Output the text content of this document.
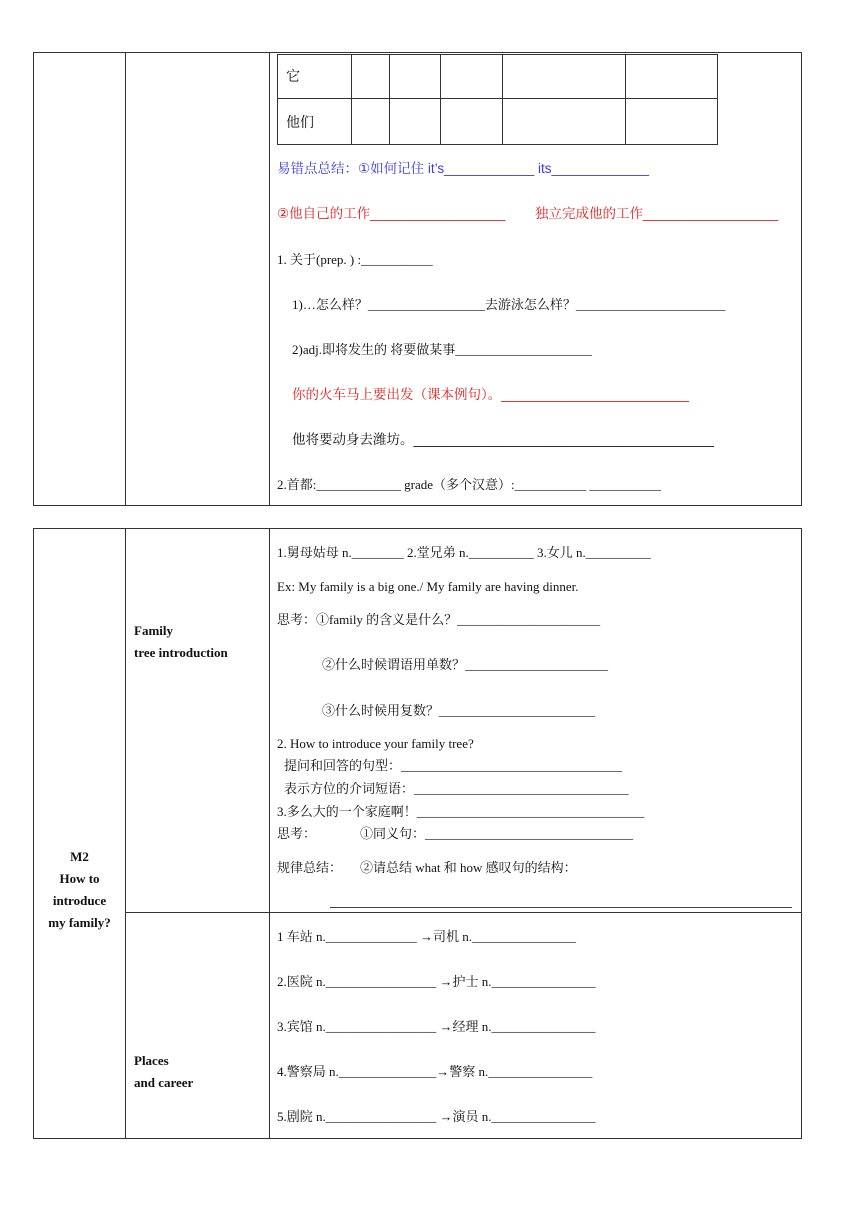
它
他们
易错点总结：①如何记住 it’s____________ its_____________
②他自己的工作__________________ 独立完成他的工作__________________
1. 关于(prep. ) :___________
1)…怎么样？__________________去游泳怎么样？_______________________
2)adj.即将发生的 将要做某事_____________________
你的火车马上要出发（课本例句）。_________________________
他将要动身去潍坊。________________________________________
2.首都:_____________ grade（多个汉意）:___________ ___________
M2
How to
introduce
my family?
Family
tree introduction
1.舅母姑母 n.________ 2.堂兄弟 n.__________ 3.女儿 n.__________
Ex: My family is a big one./ My family are having dinner.
思考：①family 的含义是什么？______________________
②什么时候谓语用单数？______________________
③什么时候用复数？________________________
2. How to introduce your family tree?
提问和回答的句型：__________________________________
表示方位的介词短语：_________________________________
3.多么大的一个家庭啊！___________________________________
思考：	①同义句：________________________________
规律总结： ②请总结 what 和 how 感叹句的结构：
Places
and career
1 车站 n.______________ →司机 n.________________
2.医院 n._________________ →护士 n.________________
3.宾馆 n._________________ →经理 n.________________
4.警察局 n._______________→警察 n.________________
5.剧院 n._________________ →演员 n.________________
